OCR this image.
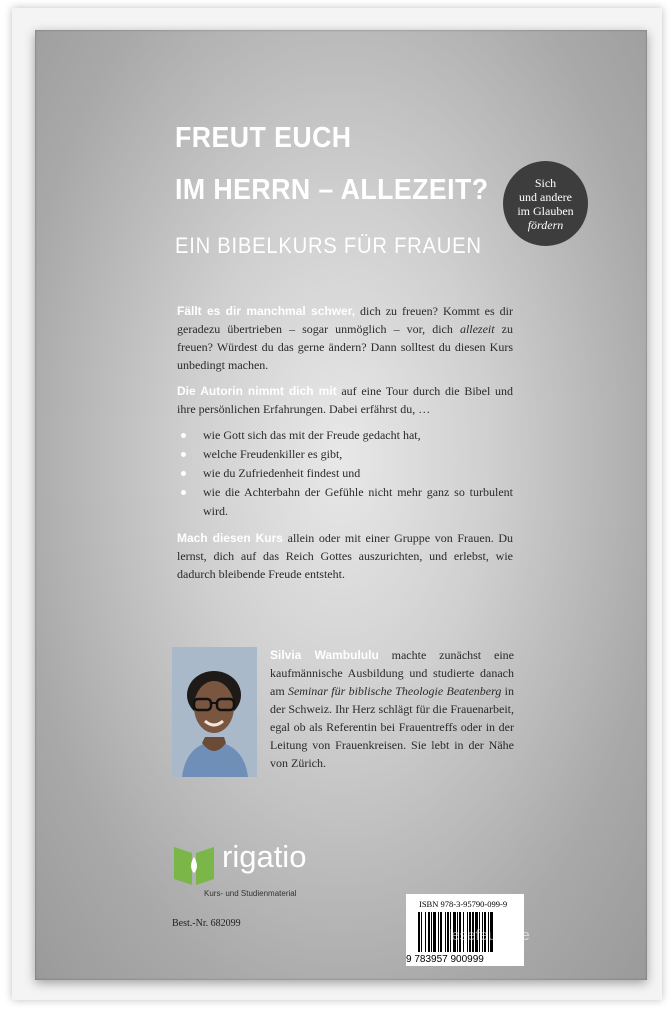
FREUT EUCH
IM HERRN – ALLEZEIT?	Sich
und andere
im Glauben
fördern
EIN BIBELKURS FÜR FRAUEN

Fällt es dir manchmal schwer, dich zu freuen? Kommt es dir geradezu übertrieben – sogar unmöglich – vor, dich allezeit zu freuen? Würdest du das gerne ändern? Dann solltest du diesen Kurs unbedingt machen.

Die Autorin nimmt dich mit auf eine Tour durch die Bibel und ihre persönlichen Erfahrungen. Dabei erfährst du, …

wie Gott sich das mit der Freude gedacht hat,
welche Freudenkiller es gibt,
wie du Zufriedenheit findest und
wie die Achterbahn der Gefühle nicht mehr ganz so turbulent wird.

Mach diesen Kurs allein oder mit einer Gruppe von Frauen. Du lernst, dich auf das Reich Gottes auszurichten, und erlebst, wie dadurch bleibende Freude entsteht.

Silvia Wambululu machte zunächst eine kaufmännische Ausbildung und studierte danach am Seminar für biblische Theologie Beatenberg in der Schweiz. Ihr Herz schlägt für die Frauenarbeit, egal ob als Referentin bei Frauentreffs oder in der Leitung von Frauenkreisen. Sie lebt in der Nähe von Zürich.
rigatio
Kurs- und Studienmaterial
Best.-Nr. 682099
ISBN 978-3-95790-099-9
9 783957 900999
lesefeuer.de
